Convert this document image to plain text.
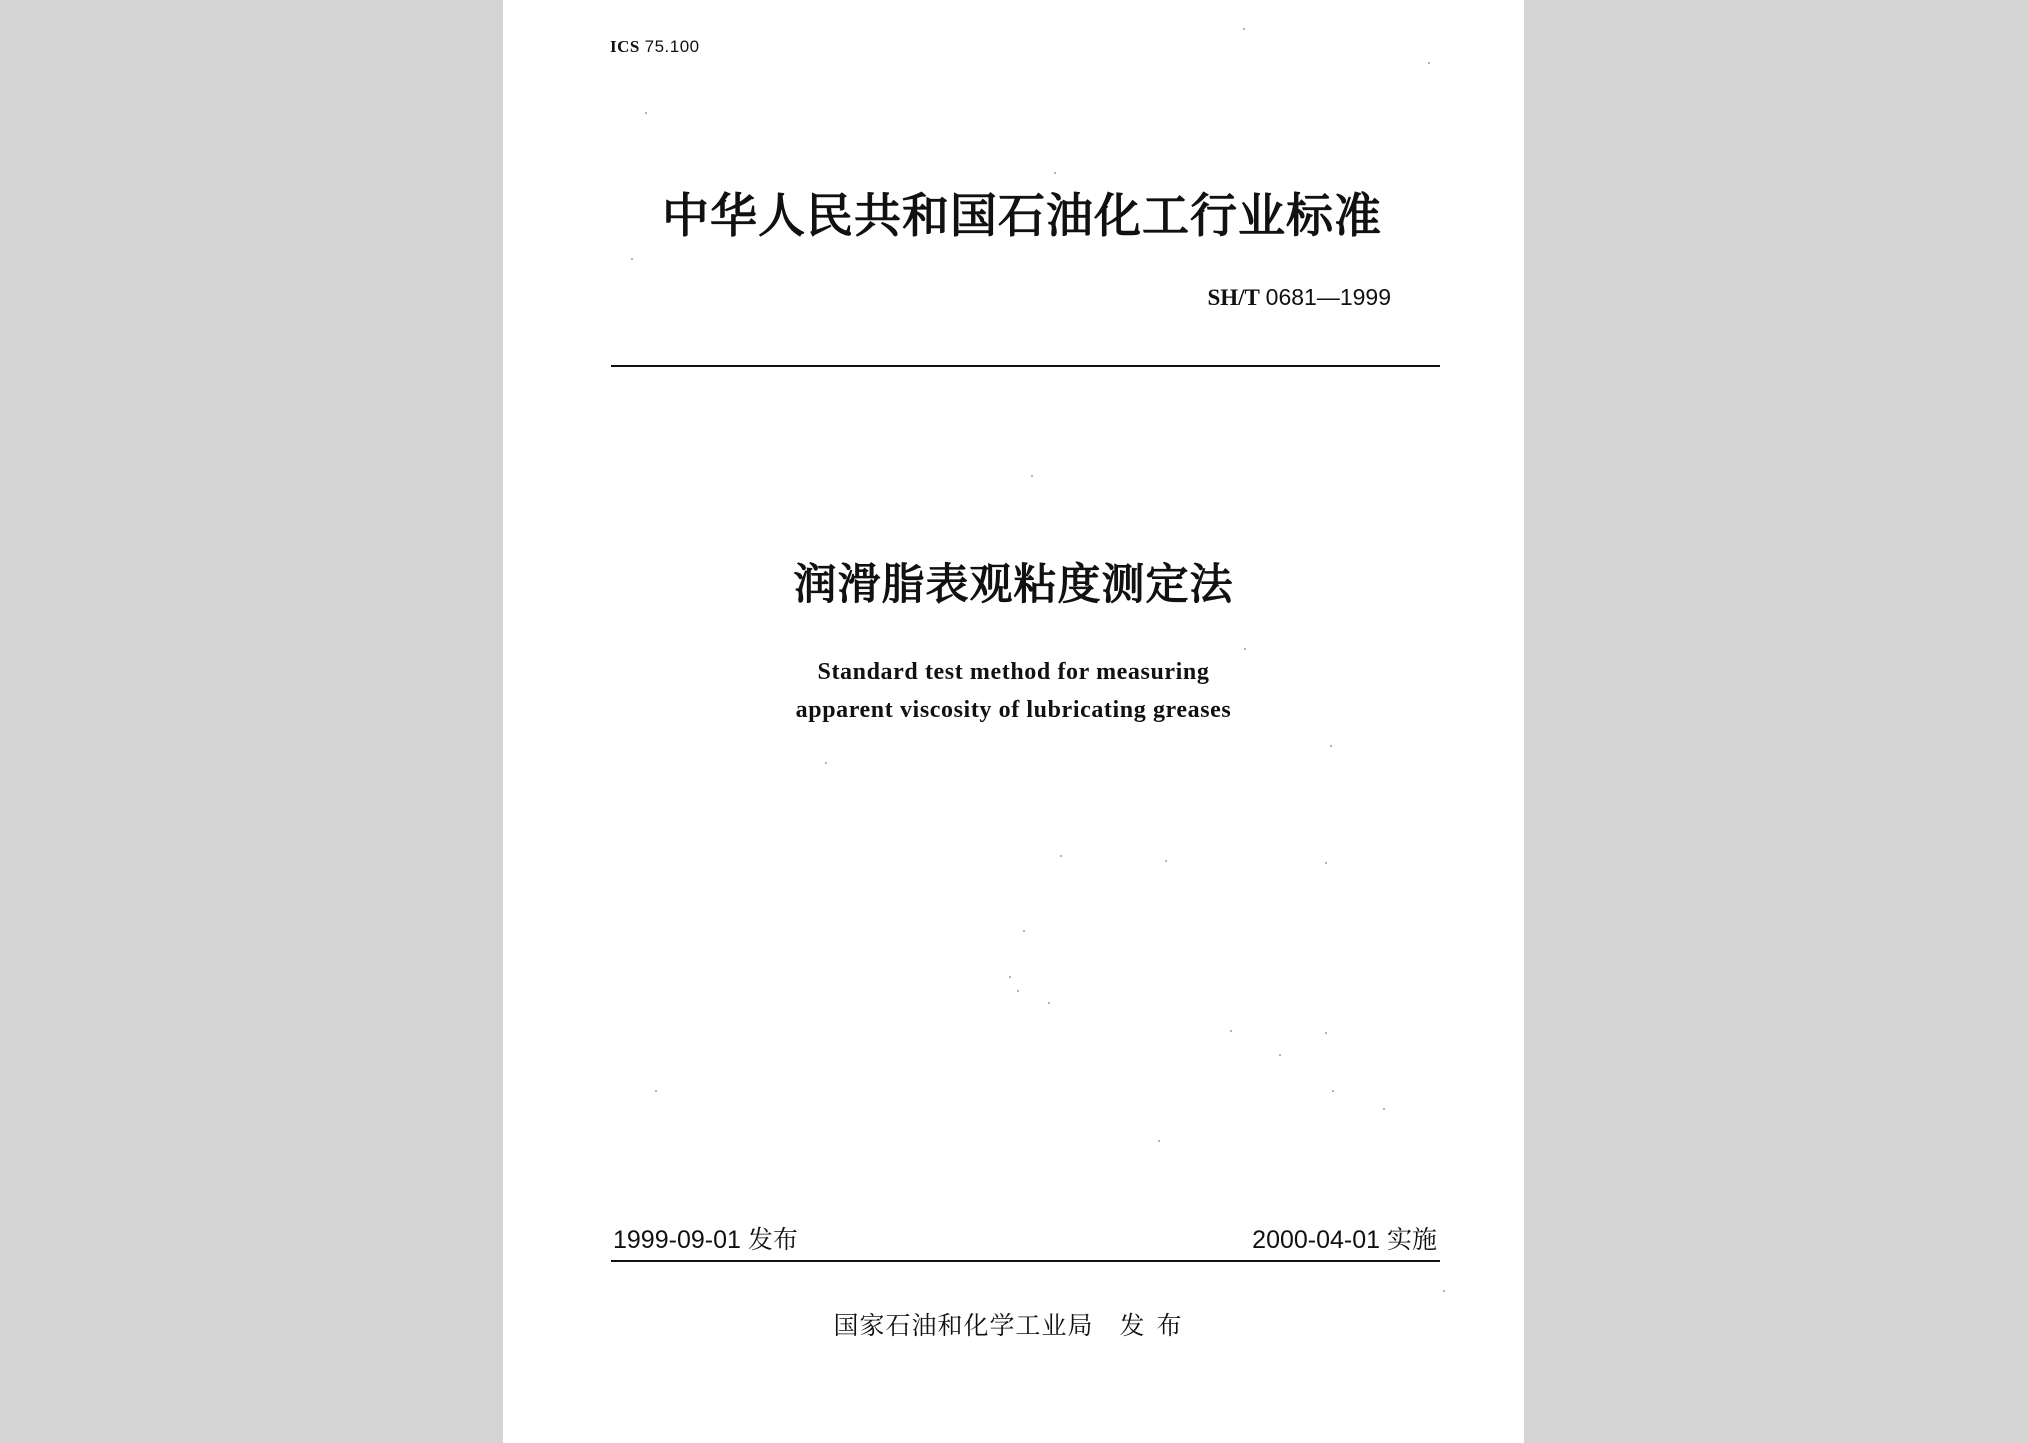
ICS 75.100
中华人民共和国石油化工行业标准
SH/T 0681—1999
润滑脂表观粘度测定法
Standard test method for measuring
apparent viscosity of lubricating greases
1999-09-01 发布	2000-04-01 实施
国家石油和化学工业局 发布
